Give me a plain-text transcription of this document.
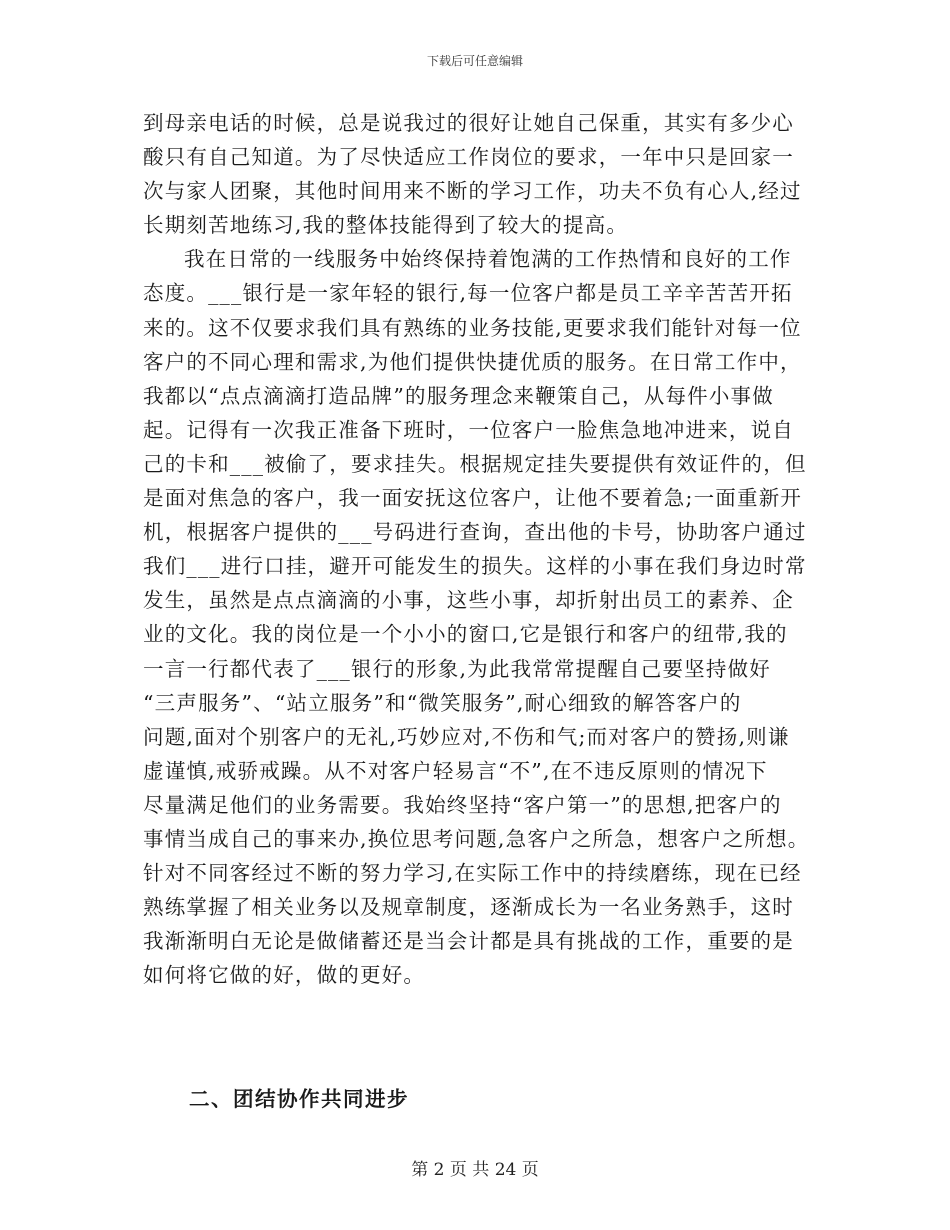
下载后可任意编辑
到母亲电话的时候，总是说我过的很好让她自己保重，其实有多少心
酸只有自己知道。为了尽快适应工作岗位的要求，一年中只是回家一
次与家人团聚，其他时间用来不断的学习工作，功夫不负有心人,经过
长期刻苦地练习,我的整体技能得到了较大的提高。
我在日常的一线服务中始终保持着饱满的工作热情和良好的工作
态度。___银行是一家年轻的银行,每一位客户都是员工辛辛苦苦开拓
来的。这不仅要求我们具有熟练的业务技能,更要求我们能针对每一位
客户的不同心理和需求,为他们提供快捷优质的服务。在日常工作中，
我都以“点点滴滴打造品牌”的服务理念来鞭策自己，从每件小事做
起。记得有一次我正准备下班时，一位客户一脸焦急地冲进来，说自
己的卡和___被偷了，要求挂失。根据规定挂失要提供有效证件的，但
是面对焦急的客户，我一面安抚这位客户，让他不要着急;一面重新开
机，根据客户提供的___号码进行查询，查出他的卡号，协助客户通过
我们___进行口挂，避开可能发生的损失。这样的小事在我们身边时常
发生，虽然是点点滴滴的小事，这些小事，却折射出员工的素养、企
业的文化。我的岗位是一个小小的窗口,它是银行和客户的纽带,我的
一言一行都代表了___银行的形象,为此我常常提醒自己要坚持做好
“三声服务”、“站立服务”和“微笑服务”,耐心细致的解答客户的
问题,面对个别客户的无礼,巧妙应对,不伤和气;而对客户的赞扬,则谦
虚谨慎,戒骄戒躁。从不对客户轻易言“不”,在不违反原则的情况下
尽量满足他们的业务需要。我始终坚持“客户第一”的思想,把客户的
事情当成自己的事来办,换位思考问题,急客户之所急，想客户之所想。
针对不同客经过不断的努力学习,在实际工作中的持续磨练，现在已经
熟练掌握了相关业务以及规章制度，逐渐成长为一名业务熟手，这时
我渐渐明白无论是做储蓄还是当会计都是具有挑战的工作，重要的是
如何将它做的好，做的更好。
二、团结协作共同进步
第 2 页 共 24 页
